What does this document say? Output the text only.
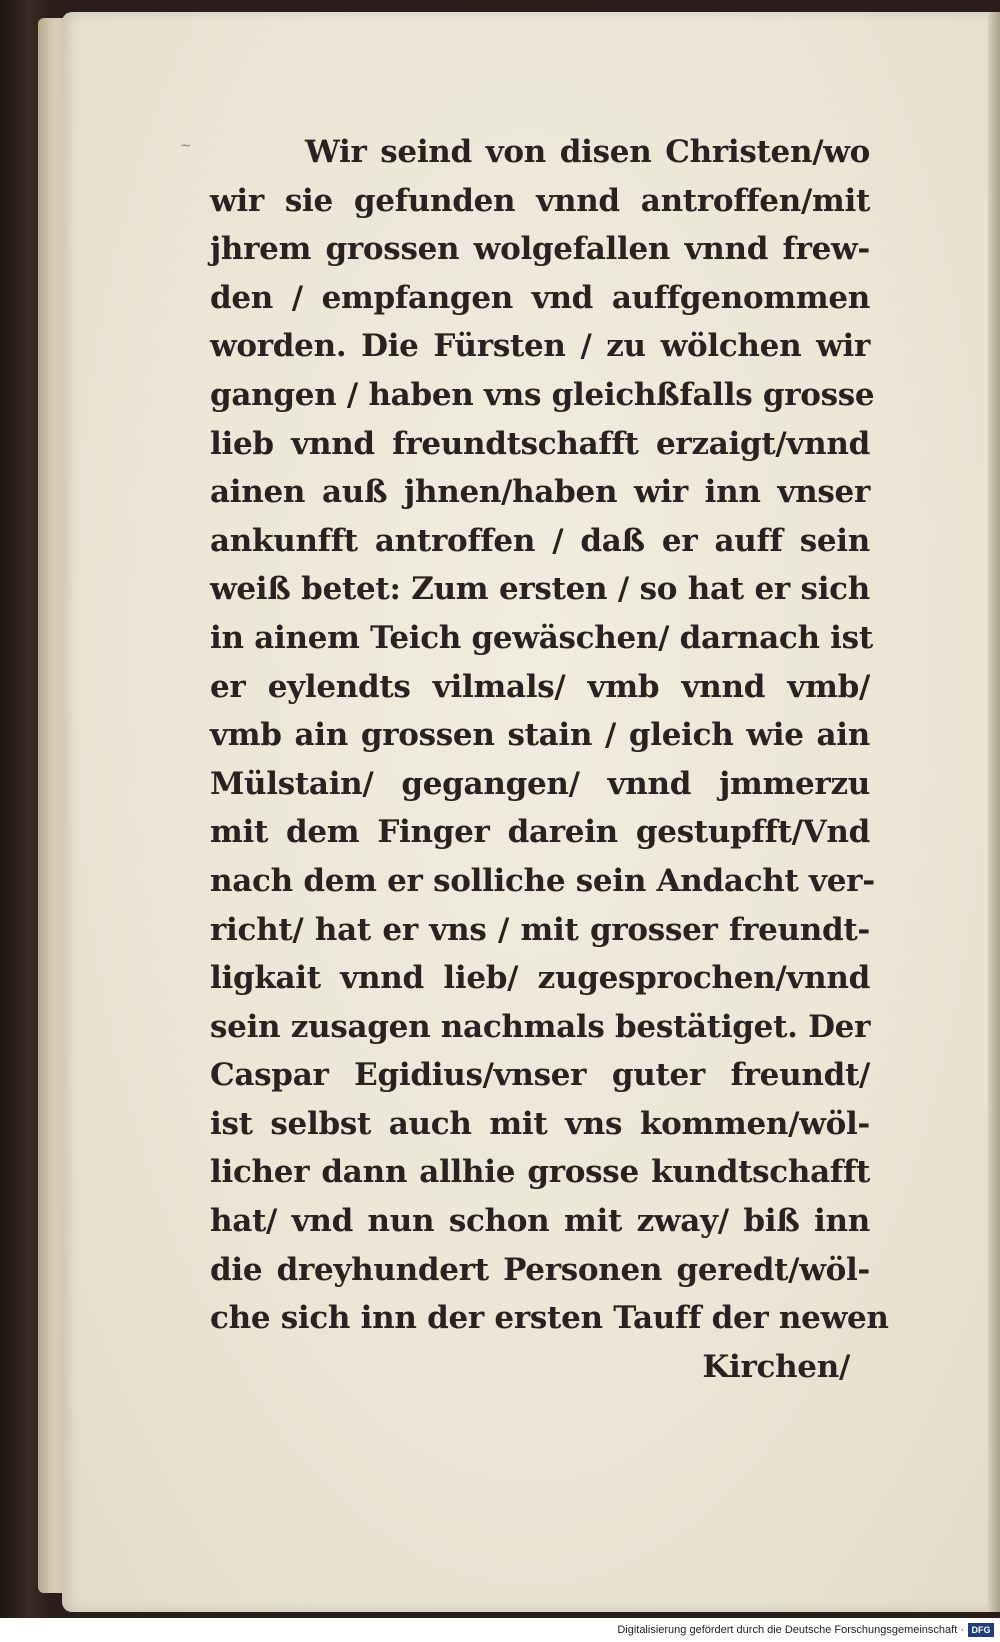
~	Wir seind von disen Christen/wo
wir sie gefunden vnnd antroffen/mit
jhrem grossen wolgefallen vnnd frew-
den / empfangen vnd auffgenommen
worden. Die Fürsten / zu wölchen wir
gangen / haben vns gleichßfalls grosse
lieb vnnd freundtschafft erzaigt/vnnd
ainen auß jhnen/haben wir inn vnser
ankunfft antroffen / daß er auff sein
weiß betet: Zum ersten / so hat er sich
in ainem Teich gewäschen/ darnach ist
er eylendts vilmals/ vmb vnnd vmb/
vmb ain grossen stain / gleich wie ain
Mülstain/ gegangen/ vnnd jmmerzu
mit dem Finger darein gestupfft/Vnd
nach dem er solliche sein Andacht ver-
richt/ hat er vns / mit grosser freundt-
ligkait vnnd lieb/ zugesprochen/vnnd
sein zusagen nachmals bestätiget. Der
Caspar Egidius/vnser guter freundt/
ist selbst auch mit vns kommen/wöl-
licher dann allhie grosse kundtschafft
hat/ vnd nun schon mit zway/ biß inn
die dreyhundert Personen geredt/wöl-
che sich inn der ersten Tauff der newen
Kirchen/
Digitalisierung gefördert durch die Deutsche Forschungsgemeinschaft · DFG
